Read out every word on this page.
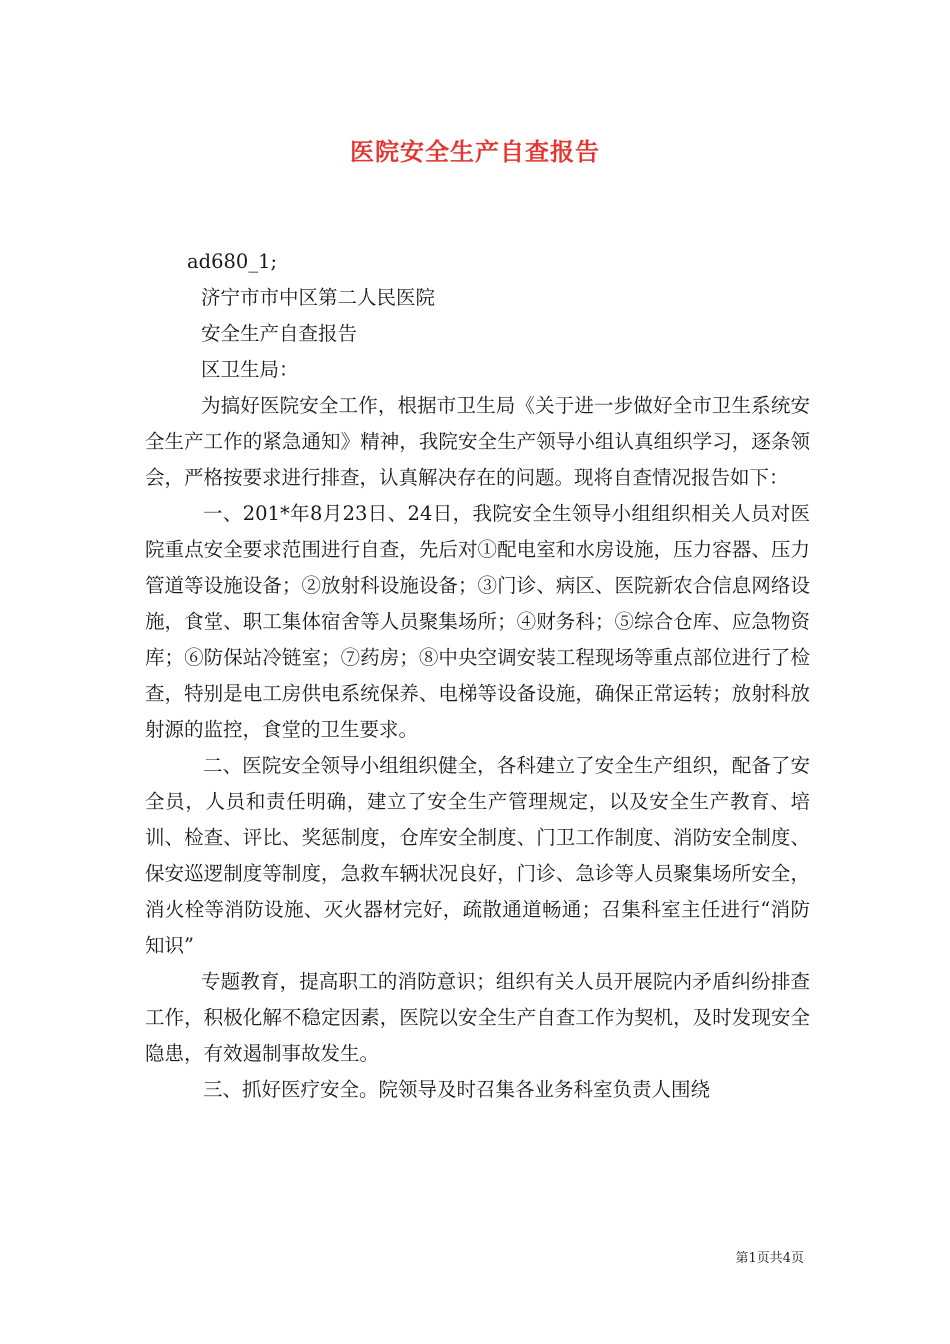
医院安全生产自查报告
ad680_1;
济宁市市中区第二人民医院
安全生产自查报告
区卫生局：

为搞好医院安全工作，根据市卫生局《关于进一步做好全市卫生系统安全生产工作的紧急通知》精神，我院安全生产领导小组认真组织学习，逐条领会，严格按要求进行排查，认真解决存在的问题。现将自查情况报告如下：

一、201*年8月23日、24日，我院安全生领导小组组织相关人员对医院重点安全要求范围进行自查，先后对①配电室和水房设施，压力容器、压力管道等设施设备；②放射科设施设备；③门诊、病区、医院新农合信息网络设施，食堂、职工集体宿舍等人员聚集场所；④财务科；⑤综合仓库、应急物资库；⑥防保站冷链室；⑦药房；⑧中央空调安装工程现场等重点部位进行了检查，特别是电工房供电系统保养、电梯等设备设施，确保正常运转；放射科放射源的监控，食堂的卫生要求。

二、医院安全领导小组组织健全，各科建立了安全生产组织，配备了安全员，人员和责任明确，建立了安全生产管理规定，以及安全生产教育、培训、检查、评比、奖惩制度，仓库安全制度、门卫工作制度、消防安全制度、保安巡逻制度等制度，急救车辆状况良好，门诊、急诊等人员聚集场所安全，消火栓等消防设施、灭火器材完好，疏散通道畅通；召集科室主任进行“消防知识”

专题教育，提高职工的消防意识；组织有关人员开展院内矛盾纠纷排查工作，积极化解不稳定因素，医院以安全生产自查工作为契机，及时发现安全隐患，有效遏制事故发生。

三、抓好医疗安全。院领导及时召集各业务科室负责人围绕

第1页共4页
